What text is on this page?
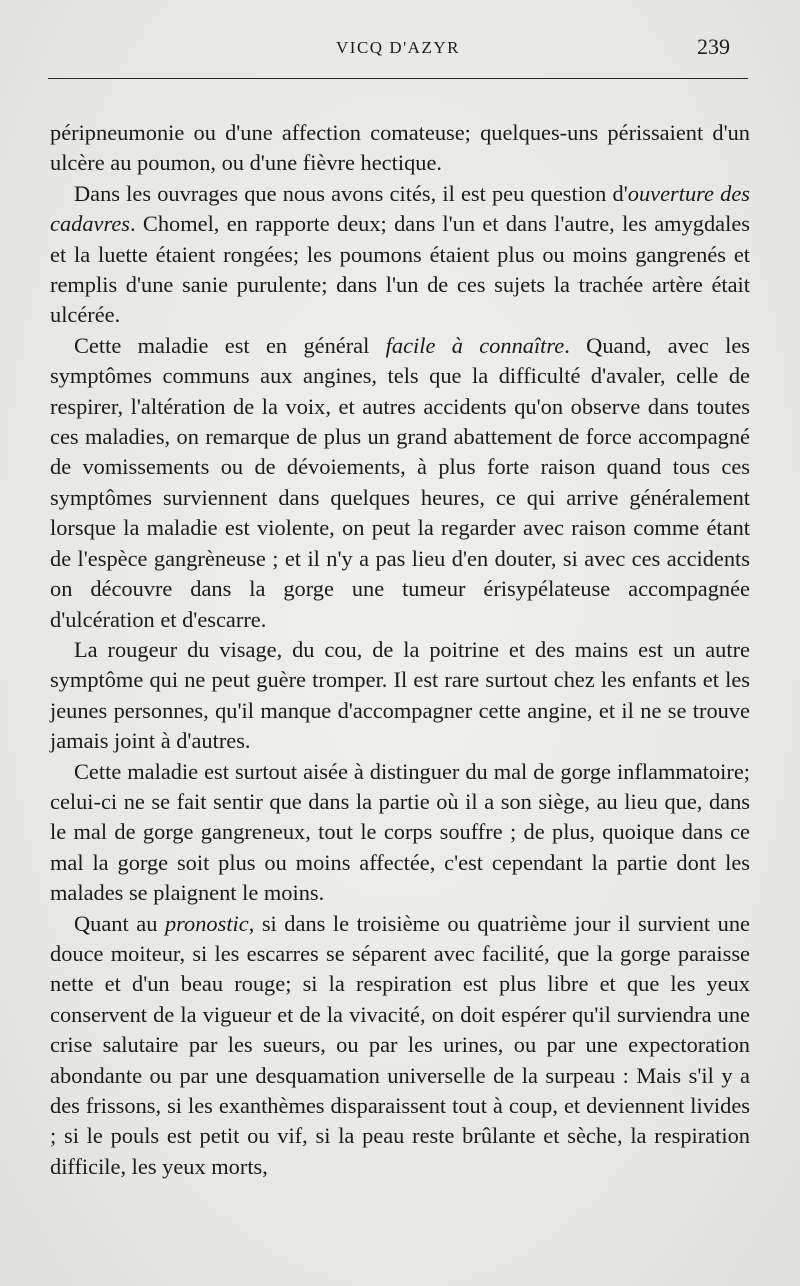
VICQ D'AZYR	239

péripneumonie ou d'une affection comateuse; quelques-uns périssaient d'un ulcère au poumon, ou d'une fièvre hectique.

Dans les ouvrages que nous avons cités, il est peu question d'ouverture des cadavres. Chomel, en rapporte deux; dans l'un et dans l'autre, les amygdales et la luette étaient rongées; les poumons étaient plus ou moins gangrenés et remplis d'une sanie purulente; dans l'un de ces sujets la trachée artère était ulcérée.

Cette maladie est en général facile à connaître. Quand, avec les symptômes communs aux angines, tels que la difficulté d'avaler, celle de respirer, l'altération de la voix, et autres accidents qu'on observe dans toutes ces maladies, on remarque de plus un grand abattement de force accompagné de vomissements ou de dévoiements, à plus forte raison quand tous ces symptômes surviennent dans quelques heures, ce qui arrive généralement lorsque la maladie est violente, on peut la regarder avec raison comme étant de l'espèce gangrèneuse ; et il n'y a pas lieu d'en douter, si avec ces accidents on découvre dans la gorge une tumeur érisypélateuse accompagnée d'ulcération et d'escarre.

La rougeur du visage, du cou, de la poitrine et des mains est un autre symptôme qui ne peut guère tromper. Il est rare surtout chez les enfants et les jeunes personnes, qu'il manque d'accompagner cette angine, et il ne se trouve jamais joint à d'autres.

Cette maladie est surtout aisée à distinguer du mal de gorge inflammatoire; celui-ci ne se fait sentir que dans la partie où il a son siège, au lieu que, dans le mal de gorge gangreneux, tout le corps souffre ; de plus, quoique dans ce mal la gorge soit plus ou moins affectée, c'est cependant la partie dont les malades se plaignent le moins.

Quant au pronostic, si dans le troisième ou quatrième jour il survient une douce moiteur, si les escarres se séparent avec facilité, que la gorge paraisse nette et d'un beau rouge; si la respiration est plus libre et que les yeux conservent de la vigueur et de la vivacité, on doit espérer qu'il surviendra une crise salutaire par les sueurs, ou par les urines, ou par une expectoration abondante ou par une desquamation universelle de la surpeau : Mais s'il y a des frissons, si les exanthèmes disparaissent tout à coup, et deviennent livides ; si le pouls est petit ou vif, si la peau reste brûlante et sèche, la respiration difficile, les yeux morts,
